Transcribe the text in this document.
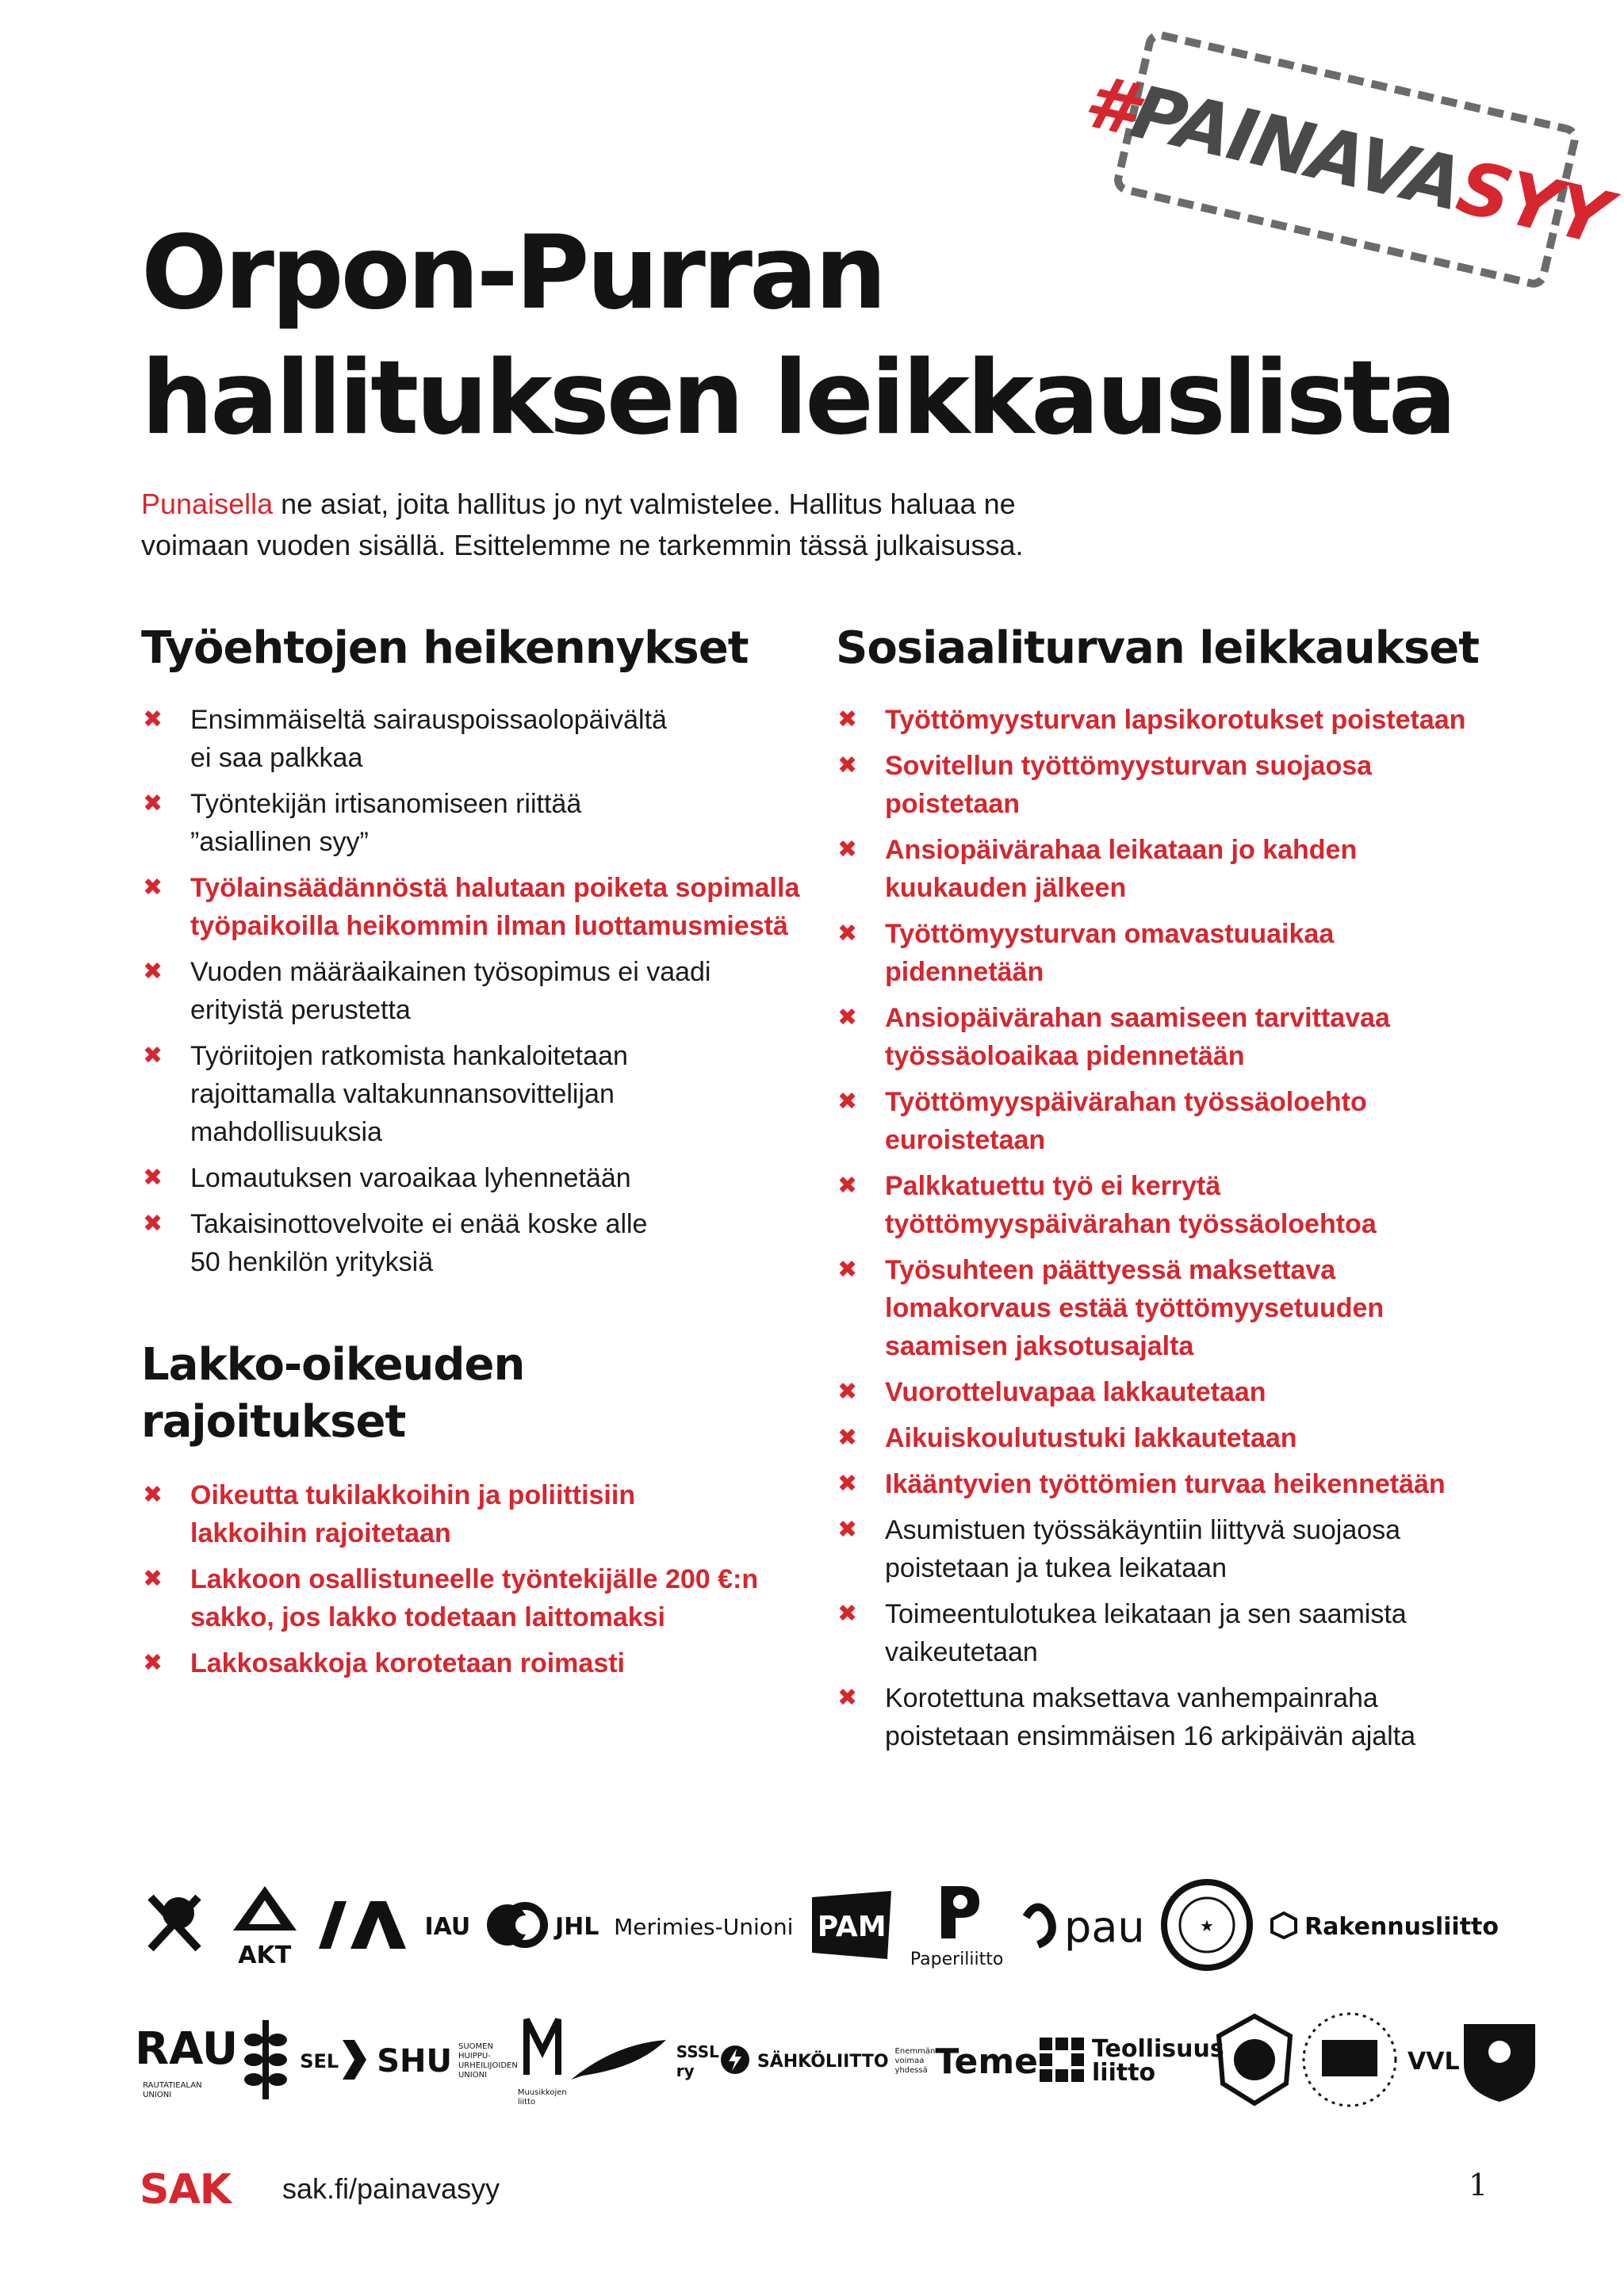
#PAINAVASYY
Orpon-Purran
hallituksen leikkauslista

Punaisella ne asiat, joita hallitus jo nyt valmistelee. Hallitus haluaa ne
voimaan vuoden sisällä. Esittelemme ne tarkemmin tässä julkaisussa.

Työehtojen heikennykset
✖ Ensimmäiseltä sairauspoissaolopäivältä
ei saa palkkaa
✖ Työntekijän irtisanomiseen riittää
”asiallinen syy”
✖ Työlainsäädännöstä halutaan poiketa sopimalla
työpaikoilla heikommin ilman luottamusmiestä
✖ Vuoden määräaikainen työsopimus ei vaadi
erityistä perustetta
✖ Työriitojen ratkomista hankaloitetaan
rajoittamalla valtakunnansovittelijan
mahdollisuuksia
✖ Lomautuksen varoaikaa lyhennetään
✖ Takaisinottovelvoite ei enää koske alle
50 henkilön yrityksiä
Lakko-oikeuden
rajoitukset
✖ Oikeutta tukilakkoihin ja poliittisiin
lakkoihin rajoitetaan
✖ Lakkoon osallistuneelle työntekijälle 200 €:n
sakko, jos lakko todetaan laittomaksi
✖ Lakkosakkoja korotetaan roimasti
Sosiaaliturvan leikkaukset
✖ Työttömyysturvan lapsikorotukset poistetaan
✖ Sovitellun työttömyysturvan suojaosa
poistetaan
✖ Ansiopäivärahaa leikataan jo kahden
kuukauden jälkeen
✖ Työttömyysturvan omavastuuaikaa
pidennetään
✖ Ansiopäivärahan saamiseen tarvittavaa
työssäoloaikaa pidennetään
✖ Työttömyyspäivärahan työssäoloehto
euroistetaan
✖ Palkkatuettu työ ei kerrytä
työttömyyspäivärahan työssäoloehtoa
✖ Työsuhteen päättyessä maksettava
lomakorvaus estää työttömyysetuuden
saamisen jaksotusajalta
✖ Vuorotteluvapaa lakkautetaan
✖ Aikuiskoulutustuki lakkautetaan
✖ Ikääntyvien työttömien turvaa heikennetään
✖ Asumistuen työssäkäyntiin liittyvä suojaosa
poistetaan ja tukea leikataan
✖ Toimeentulotukea leikataan ja sen saamista
vaikeutetaan
✖ Korotettuna maksettava vanhempainraha
poistetaan ensimmäisen 16 arkipäivän ajalta
AKT
IAU	JHL Merimies-Unioni PAM
Paperiliitto
pau	★	Rakennusliitto
RAU
RAUTATIEALAN UNIONI
SEL SHU SUOMEN HUIPPU-URHEILIJOIDEN UNIONI
Muusikkojen liitto
SSSL ry	SÄHKÖLIITTO Enemmän voimaa yhdessä Teme Teollisuus liitto	VVL
SAK sak.fi/painavasyy	1
